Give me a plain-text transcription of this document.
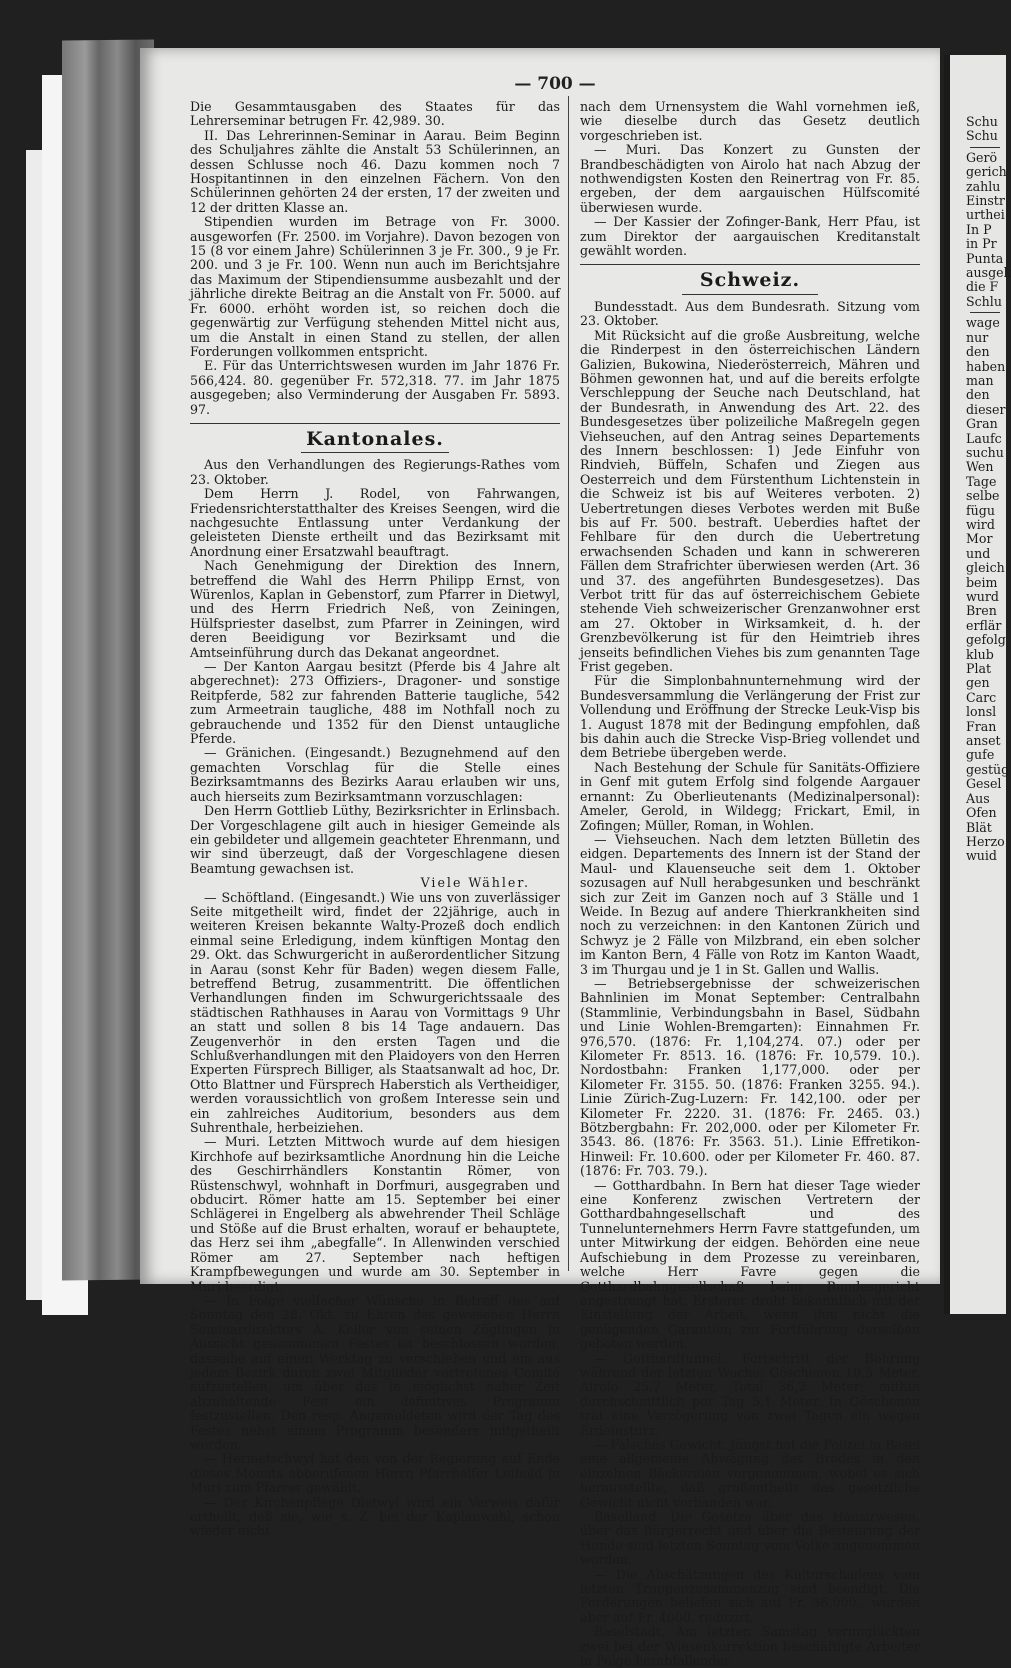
— 700 —

Die Gesammtausgaben des Staates für das Lehrerseminar betrugen Fr. 42,989. 30.

II. Das Lehrerinnen-Seminar in Aarau. Beim Beginn des Schuljahres zählte die Anstalt 53 Schülerinnen, an dessen Schlusse noch 46. Dazu kommen noch 7 Hospitantinnen in den einzelnen Fächern. Von den Schülerinnen gehörten 24 der ersten, 17 der zweiten und 12 der dritten Klasse an.

Stipendien wurden im Betrage von Fr. 3000. ausgeworfen (Fr. 2500. im Vorjahre). Davon bezogen von 15 (8 vor einem Jahre) Schülerinnen 3 je Fr. 300., 9 je Fr. 200. und 3 je Fr. 100. Wenn nun auch im Berichtsjahre das Maximum der Stipendiensumme ausbezahlt und der jährliche direkte Beitrag an die Anstalt von Fr. 5000. auf Fr. 6000. erhöht worden ist, so reichen doch die gegenwärtig zur Verfügung stehenden Mittel nicht aus, um die Anstalt in einen Stand zu stellen, der allen Forderungen vollkommen entspricht.

E. Für das Unterrichtswesen wurden im Jahr 1876 Fr. 566,424. 80. gegenüber Fr. 572,318. 77. im Jahr 1875 ausgegeben; also Verminderung der Ausgaben Fr. 5893. 97.

Kantonales.

Aus den Verhandlungen des Regierungs-Rathes vom 23. Oktober.

Dem Herrn J. Rodel, von Fahrwangen, Friedensrichterstatthalter des Kreises Seengen, wird die nachgesuchte Entlassung unter Verdankung der geleisteten Dienste ertheilt und das Bezirksamt mit Anordnung einer Ersatzwahl beauftragt.

Nach Genehmigung der Direktion des Innern, betreffend die Wahl des Herrn Philipp Ernst, von Würenlos, Kaplan in Gebenstorf, zum Pfarrer in Dietwyl, und des Herrn Friedrich Neß, von Zeiningen, Hülfspriester daselbst, zum Pfarrer in Zeiningen, wird deren Beeidigung vor Bezirksamt und die Amtseinführung durch das Dekanat angeordnet.

— Der Kanton Aargau besitzt (Pferde bis 4 Jahre alt abgerechnet): 273 Offiziers-, Dragoner- und sonstige Reitpferde, 582 zur fahrenden Batterie taugliche, 542 zum Armeetrain taugliche, 488 im Nothfall noch zu gebrauchende und 1352 für den Dienst untaugliche Pferde.

— Gränichen. (Eingesandt.) Bezugnehmend auf den gemachten Vorschlag für die Stelle eines Bezirksamtmanns des Bezirks Aarau erlauben wir uns, auch hierseits zum Bezirksamtmann vorzuschlagen:

Den Herrn Gottlieb Lüthy, Bezirksrichter in Erlinsbach. Der Vorgeschlagene gilt auch in hiesiger Gemeinde als ein gebildeter und allgemein geachteter Ehrenmann, und wir sind überzeugt, daß der Vorgeschlagene diesen Beamtung gewachsen ist.

Viele Wähler.

— Schöftland. (Eingesandt.) Wie uns von zuverlässiger Seite mitgetheilt wird, findet der 22jährige, auch in weiteren Kreisen bekannte Walty-Prozeß doch endlich einmal seine Erledigung, indem künftigen Montag den 29. Okt. das Schwurgericht in außerordentlicher Sitzung in Aarau (sonst Kehr für Baden) wegen diesem Falle, betreffend Betrug, zusammentritt. Die öffentlichen Verhandlungen finden im Schwurgerichtssaale des städtischen Rathhauses in Aarau von Vormittags 9 Uhr an statt und sollen 8 bis 14 Tage andauern. Das Zeugenverhör in den ersten Tagen und die Schlußverhandlungen mit den Plaidoyers von den Herren Experten Fürsprech Billiger, als Staatsanwalt ad hoc, Dr. Otto Blattner und Fürsprech Haberstich als Vertheidiger, werden voraussichtlich von großem Interesse sein und ein zahlreiches Auditorium, besonders aus dem Suhrenthale, herbeiziehen.

— Muri. Letzten Mittwoch wurde auf dem hiesigen Kirchhofe auf bezirksamtliche Anordnung hin die Leiche des Geschirrhändlers Konstantin Römer, von Rüstenschwyl, wohnhaft in Dorfmuri, ausgegraben und obducirt. Römer hatte am 15. September bei einer Schlägerei in Engelberg als abwehrender Theil Schläge und Stöße auf die Brust erhalten, worauf er behauptete, das Herz sei ihm „abegfalle“. In Allenwinden verschied Römer am 27. September nach heftigen Krampfbewegungen und wurde am 30. September in Muri beerdigt.

— In Folge vielfacher Wünsche in Betreff des auf Sonntag den 28. Okt. zu Ehren des gewesenen Herrn Seminardirektors A. Keller von seinen Zöglingen in Aussicht genommenen Festes ist beschlossen worden, dasselbe auf einen Werktag zu verschieben und ein aus jedem Bezirk durch zwei Mitglieder vertretenes Comité aufzustellen, um über das in möglichst naher Zeit abzuhaltende Fest ein definitives Programm festzustellen. Den resp. Angemeldeten wird der Tag des Festes nebst einem Programm besonders mitgetheilt werden.

— Hermetschwyl hat den von der Regierung auf Ende dieses Monats abberufenen Herrn Pfarrhelfer Leibold in Muri zum Pfarrer gewählt.

— Der Kirchenpflege Dietwyl wird ein Verweis dafür ertheilt, daß sie, wie s. Z. bei der Kaplanwahl, schon wieder nicht

nach dem Urnensystem die Wahl vornehmen ieß, wie dieselbe durch das Gesetz deutlich vorgeschrieben ist.

— Muri. Das Konzert zu Gunsten der Brandbeschädigten von Airolo hat nach Abzug der nothwendigsten Kosten den Reinertrag von Fr. 85. ergeben, der dem aargauischen Hülfscomité überwiesen wurde.

— Der Kassier der Zofinger-Bank, Herr Pfau, ist zum Direktor der aargauischen Kreditanstalt gewählt worden.

Schweiz.

Bundesstadt. Aus dem Bundesrath. Sitzung vom 23. Oktober.

Mit Rücksicht auf die große Ausbreitung, welche die Rinderpest in den österreichischen Ländern Galizien, Bukowina, Niederösterreich, Mähren und Böhmen gewonnen hat, und auf die bereits erfolgte Verschleppung der Seuche nach Deutschland, hat der Bundesrath, in Anwendung des Art. 22. des Bundesgesetzes über polizeiliche Maßregeln gegen Viehseuchen, auf den Antrag seines Departements des Innern beschlossen: 1) Jede Einfuhr von Rindvieh, Büffeln, Schafen und Ziegen aus Oesterreich und dem Fürstenthum Lichtenstein in die Schweiz ist bis auf Weiteres verboten. 2) Uebertretungen dieses Verbotes werden mit Buße bis auf Fr. 500. bestraft. Ueberdies haftet der Fehlbare für den durch die Uebertretung erwachsenden Schaden und kann in schwereren Fällen dem Strafrichter überwiesen werden (Art. 36 und 37. des angeführten Bundesgesetzes). Das Verbot tritt für das auf österreichischem Gebiete stehende Vieh schweizerischer Grenzanwohner erst am 27. Oktober in Wirksamkeit, d. h. der Grenzbevölkerung ist für den Heimtrieb ihres jenseits befindlichen Viehes bis zum genannten Tage Frist gegeben.

Für die Simplonbahnunternehmung wird der Bundesversammlung die Verlängerung der Frist zur Vollendung und Eröffnung der Strecke Leuk-Visp bis 1. August 1878 mit der Bedingung empfohlen, daß bis dahin auch die Strecke Visp-Brieg vollendet und dem Betriebe übergeben werde.

Nach Bestehung der Schule für Sanitäts-Offiziere in Genf mit gutem Erfolg sind folgende Aargauer ernannt: Zu Oberlieutenants (Medizinalpersonal): Ameler, Gerold, in Wildegg; Frickart, Emil, in Zofingen; Müller, Roman, in Wohlen.

— Viehseuchen. Nach dem letzten Bülletin des eidgen. Departements des Innern ist der Stand der Maul- und Klauenseuche seit dem 1. Oktober sozusagen auf Null herabgesunken und beschränkt sich zur Zeit im Ganzen noch auf 3 Ställe und 1 Weide. In Bezug auf andere Thierkrankheiten sind noch zu verzeichnen: in den Kantonen Zürich und Schwyz je 2 Fälle von Milzbrand, ein eben solcher im Kanton Bern, 4 Fälle von Rotz im Kanton Waadt, 3 im Thurgau und je 1 in St. Gallen und Wallis.

— Betriebsergebnisse der schweizerischen Bahnlinien im Monat September: Centralbahn (Stammlinie, Verbindungsbahn in Basel, Südbahn und Linie Wohlen-Bremgarten): Einnahmen Fr. 976,570. (1876: Fr. 1,104,274. 07.) oder per Kilometer Fr. 8513. 16. (1876: Fr. 10,579. 10.). Nordostbahn: Franken 1,177,000. oder per Kilometer Fr. 3155. 50. (1876: Franken 3255. 94.). Linie Zürich-Zug-Luzern: Fr. 142,100. oder per Kilometer Fr. 2220. 31. (1876: Fr. 2465. 03.) Bötzbergbahn: Fr. 202,000. oder per Kilometer Fr. 3543. 86. (1876: Fr. 3563. 51.). Linie Effretikon-Hinweil: Fr. 10.600. oder per Kilometer Fr. 460. 87. (1876: Fr. 703. 79.).

— Gotthardbahn. In Bern hat dieser Tage wieder eine Konferenz zwischen Vertretern der Gotthardbahngesellschaft und des Tunnelunternehmers Herrn Favre stattgefunden, um unter Mitwirkung der eidgen. Behörden eine neue Aufschiebung in dem Prozesse zu vereinbaren, welche Herr Favre gegen die Gotthardbahngesellschaft beim Bundesgericht angestrengt hat. Ersterer droht bekanntlich mit der Einstellung der Arbeit, wenn ihm nicht die genügenden Garantien zur Fortführung derselben geboten werden.

— Gotthardtunnel. Fortschritt der Bohrung während der letzten Woche: Göschenen 10,5 Meter, Airolo 25,7 Meter, Total 36,2 Meter; mithin durchschnittlich per Tag 5,1 Meter. In Göschenen trat eine Verzögerung von zwei Tagen ein wegen Erdeinsturz.

— Falsches Gewicht. Jüngst hat die Polizei in Basel eine allgemeine Abwägung des Brodes in den einzelnen Bäckereien vorgenommen, wobei es sich herausstellte, daß großentheils das gesetzliche Gewicht nicht vorhanden war.

Baselland. Die Gesetze über das Hausirwesen, über das Bürgerrecht und über die Besteurung der Hunde sind letzten Sonntag vom Volke angenommen worden.

— Die Abschätzungen des Kulturschadens vom letzten Truppenzusammenzug sind beendigt. Die Forderungen beliefen sich auf Fr. 36,000., wurden aber auf Fr. 4000. reduzirt.

Baselstadt. Am letzten Samstag verunglückten zwei bei der Wiesenkorrektion beschäftigte Arbeiter in Folge herabfallender

Schu

Schu

Gerö

gerich

zahlu

Einstr

urthei

In P

in Pr

Punta

ausgek

die F

Schlu

wage

nur

den

haben

man

den

dieser

Gran

Laufc

suchu

Wen

Tage

selbe

fügu

wird

Mor

und

gleich

beim

wurd

Bren

erflär

gefolg

klub

Plat

gen

Carc

lonsl

Fran

anset

gufe

gestüg

Gesel

Aus

Ofen

Blät

Herzo

wuid
